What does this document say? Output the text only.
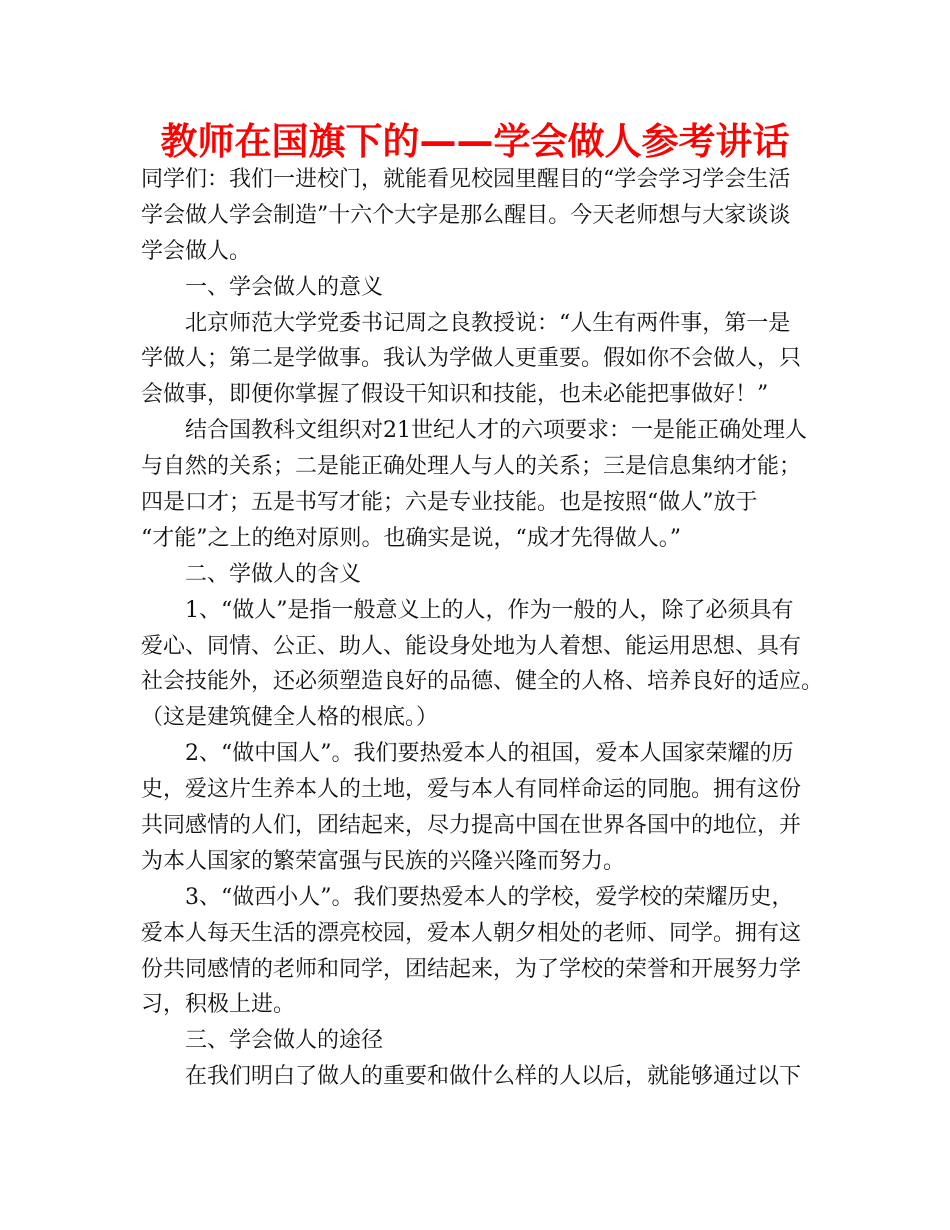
教师在国旗下的——学会做人参考讲话
同学们：我们一进校门，就能看见校园里醒目的“学会学习学会生活
学会做人学会制造”十六个大字是那么醒目。今天老师想与大家谈谈
学会做人。
一、学会做人的意义
北京师范大学党委书记周之良教授说：“人生有两件事，第一是
学做人；第二是学做事。我认为学做人更重要。假如你不会做人，只
会做事，即便你掌握了假设干知识和技能，也未必能把事做好！”
结合国教科文组织对21世纪人才的六项要求：一是能正确处理人
与自然的关系；二是能正确处理人与人的关系；三是信息集纳才能；
四是口才；五是书写才能；六是专业技能。也是按照“做人”放于
“才能”之上的绝对原则。也确实是说，“成才先得做人。”
二、学做人的含义
1、“做人”是指一般意义上的人，作为一般的人，除了必须具有
爱心、同情、公正、助人、能设身处地为人着想、能运用思想、具有
社会技能外，还必须塑造良好的品德、健全的人格、培养良好的适应。
（这是建筑健全人格的根底。）
2、“做中国人”。我们要热爱本人的祖国，爱本人国家荣耀的历
史，爱这片生养本人的土地，爱与本人有同样命运的同胞。拥有这份
共同感情的人们，团结起来，尽力提高中国在世界各国中的地位，并
为本人国家的繁荣富强与民族的兴隆兴隆而努力。
3、“做西小人”。我们要热爱本人的学校，爱学校的荣耀历史，
爱本人每天生活的漂亮校园，爱本人朝夕相处的老师、同学。拥有这
份共同感情的老师和同学，团结起来，为了学校的荣誉和开展努力学
习，积极上进。
三、学会做人的途径
在我们明白了做人的重要和做什么样的人以后，就能够通过以下
